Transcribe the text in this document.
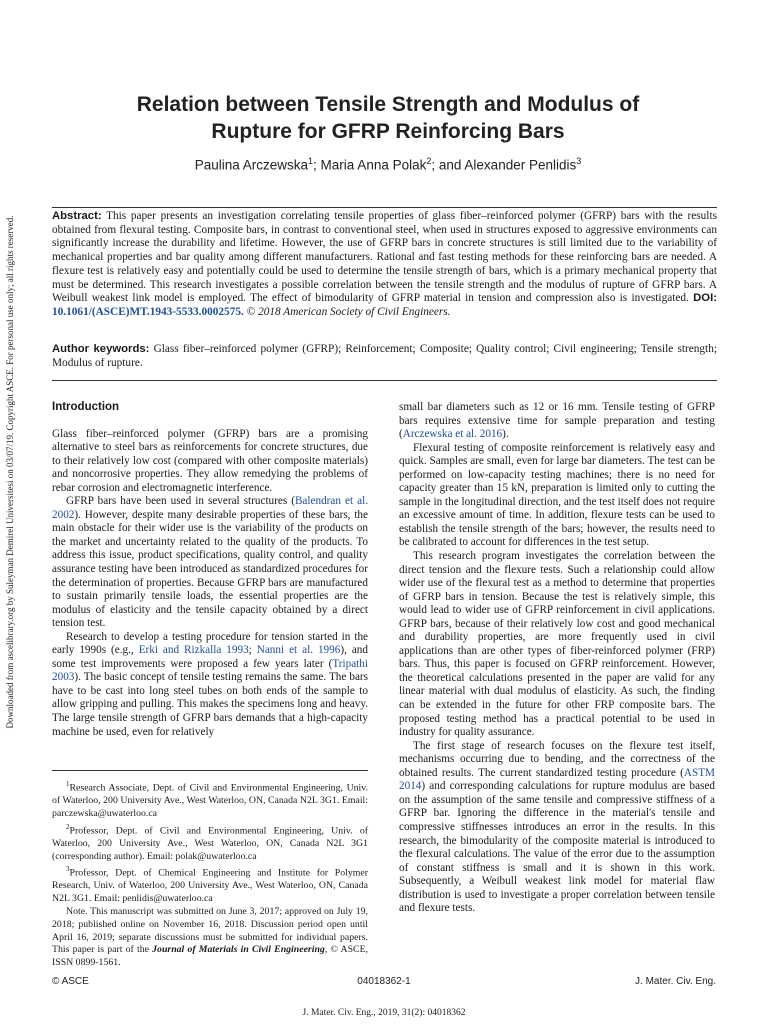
Downloaded from ascelibrary.org by Suleyman Demirel Universitesi on 03/07/19. Copyright ASCE. For personal use only; all rights reserved.
Relation between Tensile Strength and Modulus of
Rupture for GFRP Reinforcing Bars
Paulina Arczewska$^1$; Maria Anna Polak$^2$; and Alexander Penlidis$^3$

Abstract: This paper presents an investigation correlating tensile properties of glass fiber–reinforced polymer (GFRP) bars with the results obtained from flexural testing. Composite bars, in contrast to conventional steel, when used in structures exposed to aggressive environments can significantly increase the durability and lifetime. However, the use of GFRP bars in concrete structures is still limited due to the variability of mechanical properties and bar quality among different manufacturers. Rational and fast testing methods for these reinforcing bars are needed. A flexure test is relatively easy and potentially could be used to determine the tensile strength of bars, which is a primary mechanical property that must be determined. This research investigates a possible correlation between the tensile strength and the modulus of rupture of GFRP bars. A Weibull weakest link model is employed. The effect of bimodularity of GFRP material in tension and compression also is investigated. DOI: 10.1061/(ASCE)MT.1943-5533.0002575. © 2018 American Society of Civil Engineers.

Author keywords: Glass fiber–reinforced polymer (GFRP); Reinforcement; Composite; Quality control; Civil engineering; Tensile strength; Modulus of rupture.

Introduction

Glass fiber–reinforced polymer (GFRP) bars are a promising alternative to steel bars as reinforcements for concrete structures, due to their relatively low cost (compared with other composite materials) and noncorrosive properties. They allow remedying the problems of rebar corrosion and electromagnetic interference.

GFRP bars have been used in several structures (Balendran et al. 2002). However, despite many desirable properties of these bars, the main obstacle for their wider use is the variability of the products on the market and uncertainty related to the quality of the products. To address this issue, product specifications, quality control, and quality assurance testing have been introduced as standardized procedures for the determination of properties. Because GFRP bars are manufactured to sustain primarily tensile loads, the essential properties are the modulus of elasticity and the tensile capacity obtained by a direct tension test.

Research to develop a testing procedure for tension started in the early 1990s (e.g., Erki and Rizkalla 1993; Nanni et al. 1996), and some test improvements were proposed a few years later (Tripathi 2003). The basic concept of tensile testing remains the same. The bars have to be cast into long steel tubes on both ends of the sample to allow gripping and pulling. This makes the specimens long and heavy. The large tensile strength of GFRP bars demands that a high-capacity machine be used, even for relatively

$^1$Research Associate, Dept. of Civil and Environmental Engineering, Univ. of Waterloo, 200 University Ave., West Waterloo, ON, Canada N2L 3G1. Email: parczewska@uwaterloo.ca

$^2$Professor, Dept. of Civil and Environmental Engineering, Univ. of Waterloo, 200 University Ave., West Waterloo, ON, Canada N2L 3G1 (corresponding author). Email: polak@uwaterloo.ca

$^3$Professor, Dept. of Chemical Engineering and Institute for Polymer Research, Univ. of Waterloo, 200 University Ave., West Waterloo, ON, Canada N2L 3G1. Email: penlidis@uwaterloo.ca

Note. This manuscript was submitted on June 3, 2017; approved on July 19, 2018; published online on November 16, 2018. Discussion period open until April 16, 2019; separate discussions must be submitted for individual papers. This paper is part of the Journal of Materials in Civil Engineering, © ASCE, ISSN 0899-1561.

small bar diameters such as 12 or 16 mm. Tensile testing of GFRP bars requires extensive time for sample preparation and testing (Arczewska et al. 2016).

Flexural testing of composite reinforcement is relatively easy and quick. Samples are small, even for large bar diameters. The test can be performed on low-capacity testing machines; there is no need for capacity greater than 15 kN, preparation is limited only to cutting the sample in the longitudinal direction, and the test itself does not require an excessive amount of time. In addition, flexure tests can be used to establish the tensile strength of the bars; however, the results need to be calibrated to account for differences in the test setup.

This research program investigates the correlation between the direct tension and the flexure tests. Such a relationship could allow wider use of the flexural test as a method to determine that properties of GFRP bars in tension. Because the test is relatively simple, this would lead to wider use of GFRP reinforcement in civil applications. GFRP bars, because of their relatively low cost and good mechanical and durability properties, are more frequently used in civil applications than are other types of fiber-reinforced polymer (FRP) bars. Thus, this paper is focused on GFRP reinforcement. However, the theoretical calculations presented in the paper are valid for any linear material with dual modulus of elasticity. As such, the finding can be extended in the future for other FRP composite bars. The proposed testing method has a practical potential to be used in industry for quality assurance.

The first stage of research focuses on the flexure test itself, mechanisms occurring due to bending, and the correctness of the obtained results. The current standardized testing procedure (ASTM 2014) and corresponding calculations for rupture modulus are based on the assumption of the same tensile and compressive stiffness of a GFRP bar. Ignoring the difference in the material's tensile and compressive stiffnesses introduces an error in the results. In this research, the bimodularity of the composite material is introduced to the flexural calculations. The value of the error due to the assumption of constant stiffness is small and it is shown in this work. Subsequently, a Weibull weakest link model for material flaw distribution is used to investigate a proper correlation between tensile and flexure tests.

© ASCE	04018362-1	J. Mater. Civ. Eng.
J. Mater. Civ. Eng., 2019, 31(2): 04018362
